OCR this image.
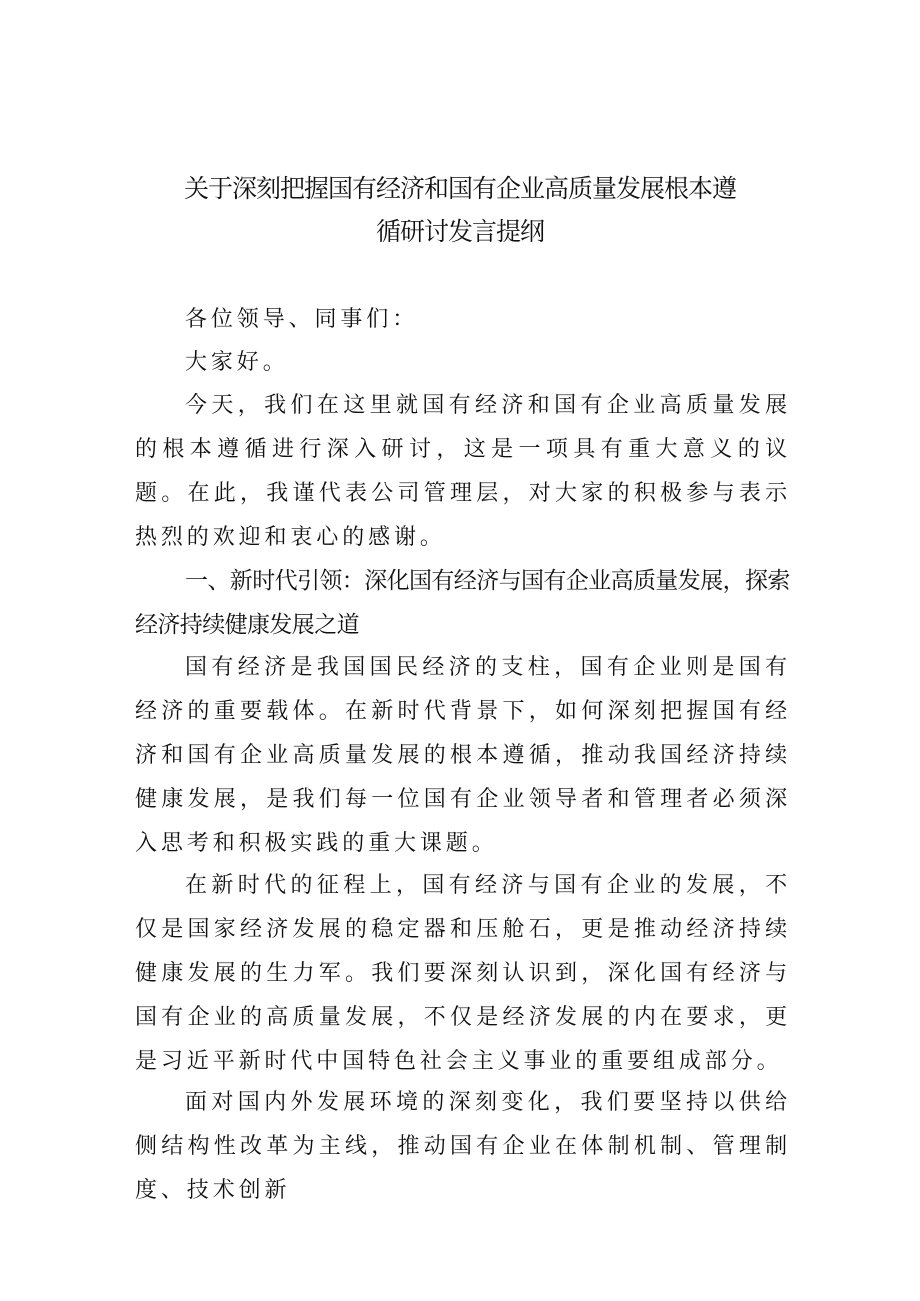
关于深刻把握国有经济和国有企业高质量发展根本遵
循研讨发言提纲

各位领导、同事们：

大家好。

今天，我们在这里就国有经济和国有企业高质量发展的根本遵循进行深入研讨，这是一项具有重大意义的议题。在此，我谨代表公司管理层，对大家的积极参与表示热烈的欢迎和衷心的感谢。

一、新时代引领：深化国有经济与国有企业高质量发展，探索经济持续健康发展之道

国有经济是我国国民经济的支柱，国有企业则是国有经济的重要载体。在新时代背景下，如何深刻把握国有经济和国有企业高质量发展的根本遵循，推动我国经济持续健康发展，是我们每一位国有企业领导者和管理者必须深入思考和积极实践的重大课题。

在新时代的征程上，国有经济与国有企业的发展，不仅是国家经济发展的稳定器和压舱石，更是推动经济持续健康发展的生力军。我们要深刻认识到，深化国有经济与国有企业的高质量发展，不仅是经济发展的内在要求，更是习近平新时代中国特色社会主义事业的重要组成部分。

面对国内外发展环境的深刻变化，我们要坚持以供给侧结构性改革为主线，推动国有企业在体制机制、管理制度、技术创新
